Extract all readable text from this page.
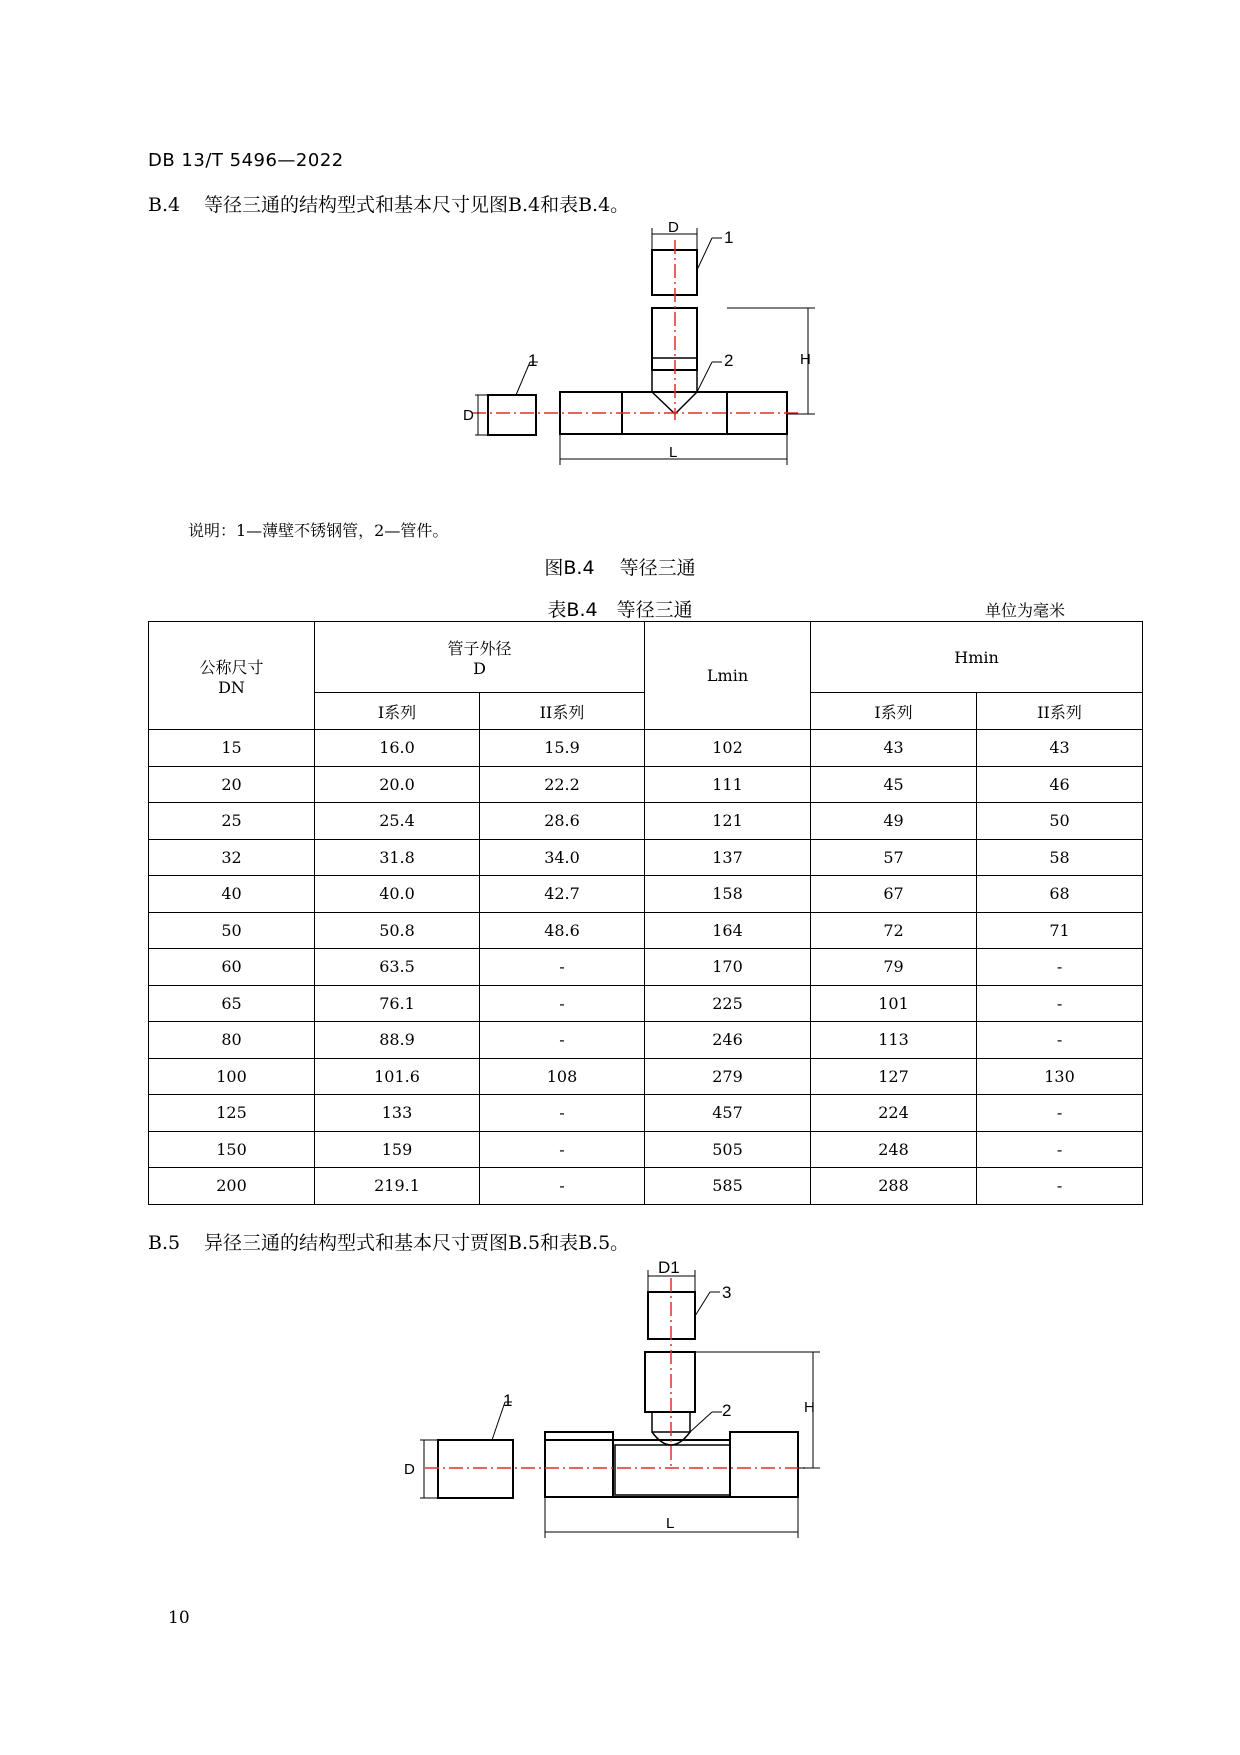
DB 13/T 5496—2022
B.4 等径三通的结构型式和基本尺寸见图B.4和表B.4。
D
H
L
D
1
1	2
说明：1—薄壁不锈钢管，2—管件。
图B.4　 等径三通
表B.4　等径三通	单位为毫米
公称尺寸
DN	管子外径
D		Lmin	Hmin	
	I系列	II系列		I系列	II系列
15	16.0	15.9	102	43	43
20	20.0	22.2	111	45	46
25	25.4	28.6	121	49	50
32	31.8	34.0	137	57	58
40	40.0	42.7	158	67	68
50	50.8	48.6	164	72	71
60	63.5	-	170	79	-
65	76.1	-	225	101	-
80	88.9	-	246	113	-
100	101.6	108	279	127	130
125	133	-	457	224	-
150	159	-	505	248	-
200	219.1	-	585	288	-
B.5 异径三通的结构型式和基本尺寸贾图B.5和表B.5。
D1
H
L
D
3
1
2
10
